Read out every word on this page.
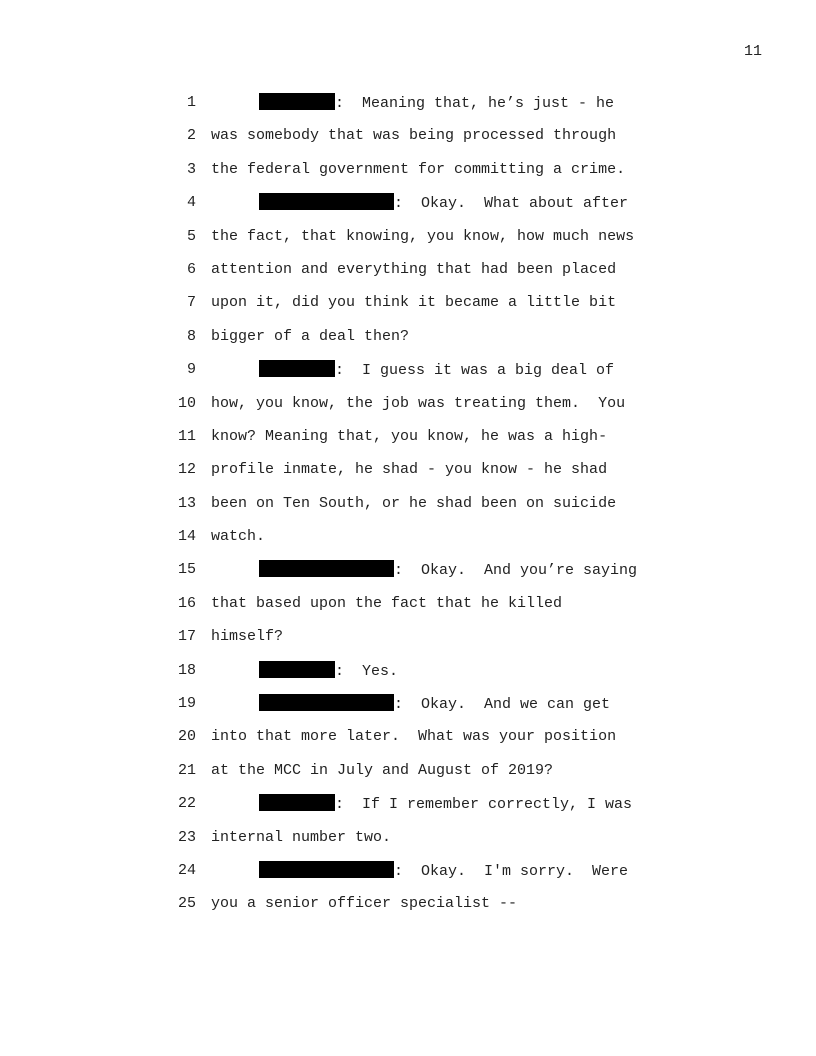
11
1	:  Meaning that, he’s just - he
2 was somebody that was being processed through
3 the federal government for committing a crime.
4	:  Okay.  What about after
5 the fact, that knowing, you know, how much news
6 attention and everything that had been placed
7 upon it, did you think it became a little bit
8 bigger of a deal then?
9	:  I guess it was a big deal of
10 how, you know, the job was treating them.  You
11 know? Meaning that, you know, he was a high-
12 profile inmate, he shad - you know - he shad
13 been on Ten South, or he shad been on suicide
14 watch.
15	:  Okay.  And you’re saying
16 that based upon the fact that he killed
17 himself?
18	:  Yes.
19	:  Okay.  And we can get
20 into that more later.  What was your position
21 at the MCC in July and August of 2019?
22	:  If I remember correctly, I was
23 internal number two.
24	:  Okay.  I'm sorry.  Were
25 you a senior officer specialist --
